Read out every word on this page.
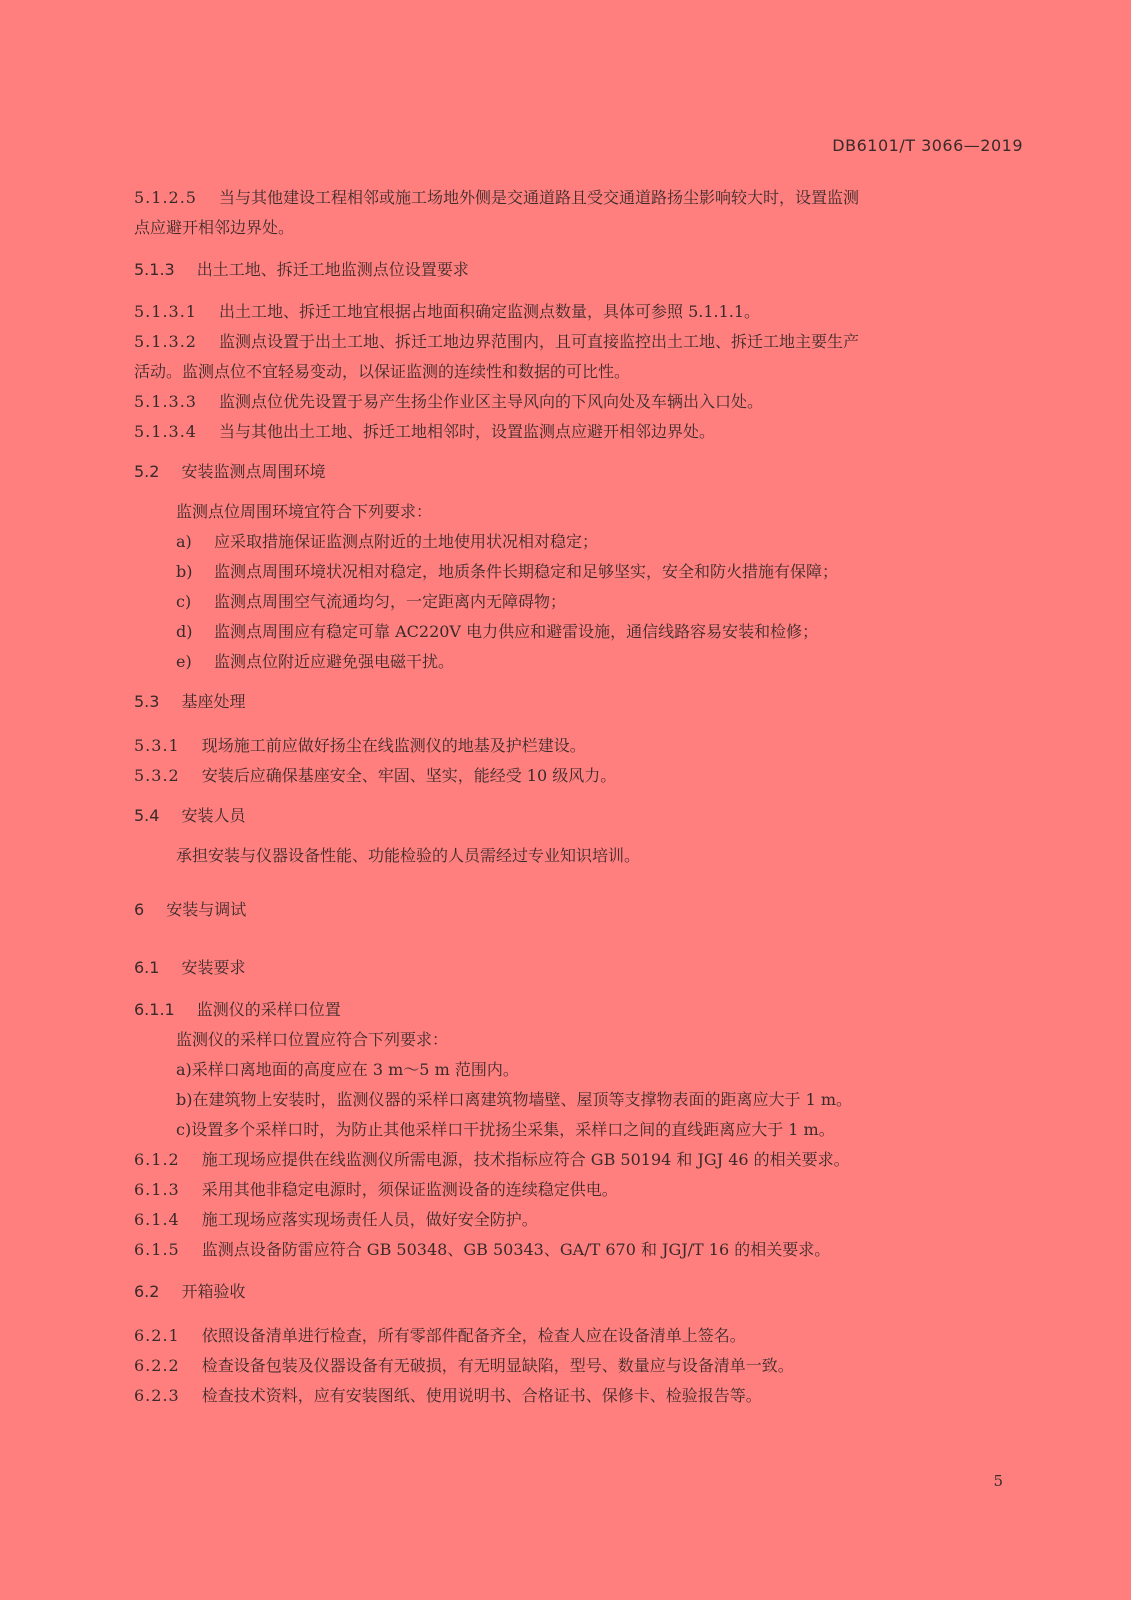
DB6101/T 3066—2019

5.1.2.5 当与其他建设工程相邻或施工场地外侧是交通道路且受交通道路扬尘影响较大时，设置监测

点应避开相邻边界处。

5.1.3 出土工地、拆迁工地监测点位设置要求

5.1.3.1 出土工地、拆迁工地宜根据占地面积确定监测点数量，具体可参照 5.1.1.1。

5.1.3.2 监测点设置于出土工地、拆迁工地边界范围内，且可直接监控出土工地、拆迁工地主要生产

活动。监测点位不宜轻易变动，以保证监测的连续性和数据的可比性。

5.1.3.3 监测点位优先设置于易产生扬尘作业区主导风向的下风向处及车辆出入口处。

5.1.3.4 当与其他出土工地、拆迁工地相邻时，设置监测点应避开相邻边界处。

5.2 安装监测点周围环境

监测点位周围环境宜符合下列要求：

a) 应采取措施保证监测点附近的土地使用状况相对稳定；

b) 监测点周围环境状况相对稳定，地质条件长期稳定和足够坚实，安全和防火措施有保障；

c) 监测点周围空气流通均匀，一定距离内无障碍物；

d) 监测点周围应有稳定可靠 AC220V 电力供应和避雷设施，通信线路容易安装和检修；

e) 监测点位附近应避免强电磁干扰。

5.3 基座处理

5.3.1 现场施工前应做好扬尘在线监测仪的地基及护栏建设。

5.3.2 安装后应确保基座安全、牢固、坚实，能经受 10 级风力。

5.4 安装人员

承担安装与仪器设备性能、功能检验的人员需经过专业知识培训。

6 安装与调试

6.1 安装要求

6.1.1 监测仪的采样口位置

监测仪的采样口位置应符合下列要求：

a)采样口离地面的高度应在 3 m～5 m 范围内。

b)在建筑物上安装时，监测仪器的采样口离建筑物墙壁、屋顶等支撑物表面的距离应大于 1 m。

c)设置多个采样口时，为防止其他采样口干扰扬尘采集，采样口之间的直线距离应大于 1 m。

6.1.2 施工现场应提供在线监测仪所需电源，技术指标应符合 GB 50194 和 JGJ 46 的相关要求。

6.1.3 采用其他非稳定电源时，须保证监测设备的连续稳定供电。

6.1.4 施工现场应落实现场责任人员，做好安全防护。

6.1.5 监测点设备防雷应符合 GB 50348、GB 50343、GA/T 670 和 JGJ/T 16 的相关要求。

6.2 开箱验收

6.2.1 依照设备清单进行检查，所有零部件配备齐全，检查人应在设备清单上签名。

6.2.2 检查设备包装及仪器设备有无破损，有无明显缺陷，型号、数量应与设备清单一致。

6.2.3 检查技术资料，应有安装图纸、使用说明书、合格证书、保修卡、检验报告等。

5
